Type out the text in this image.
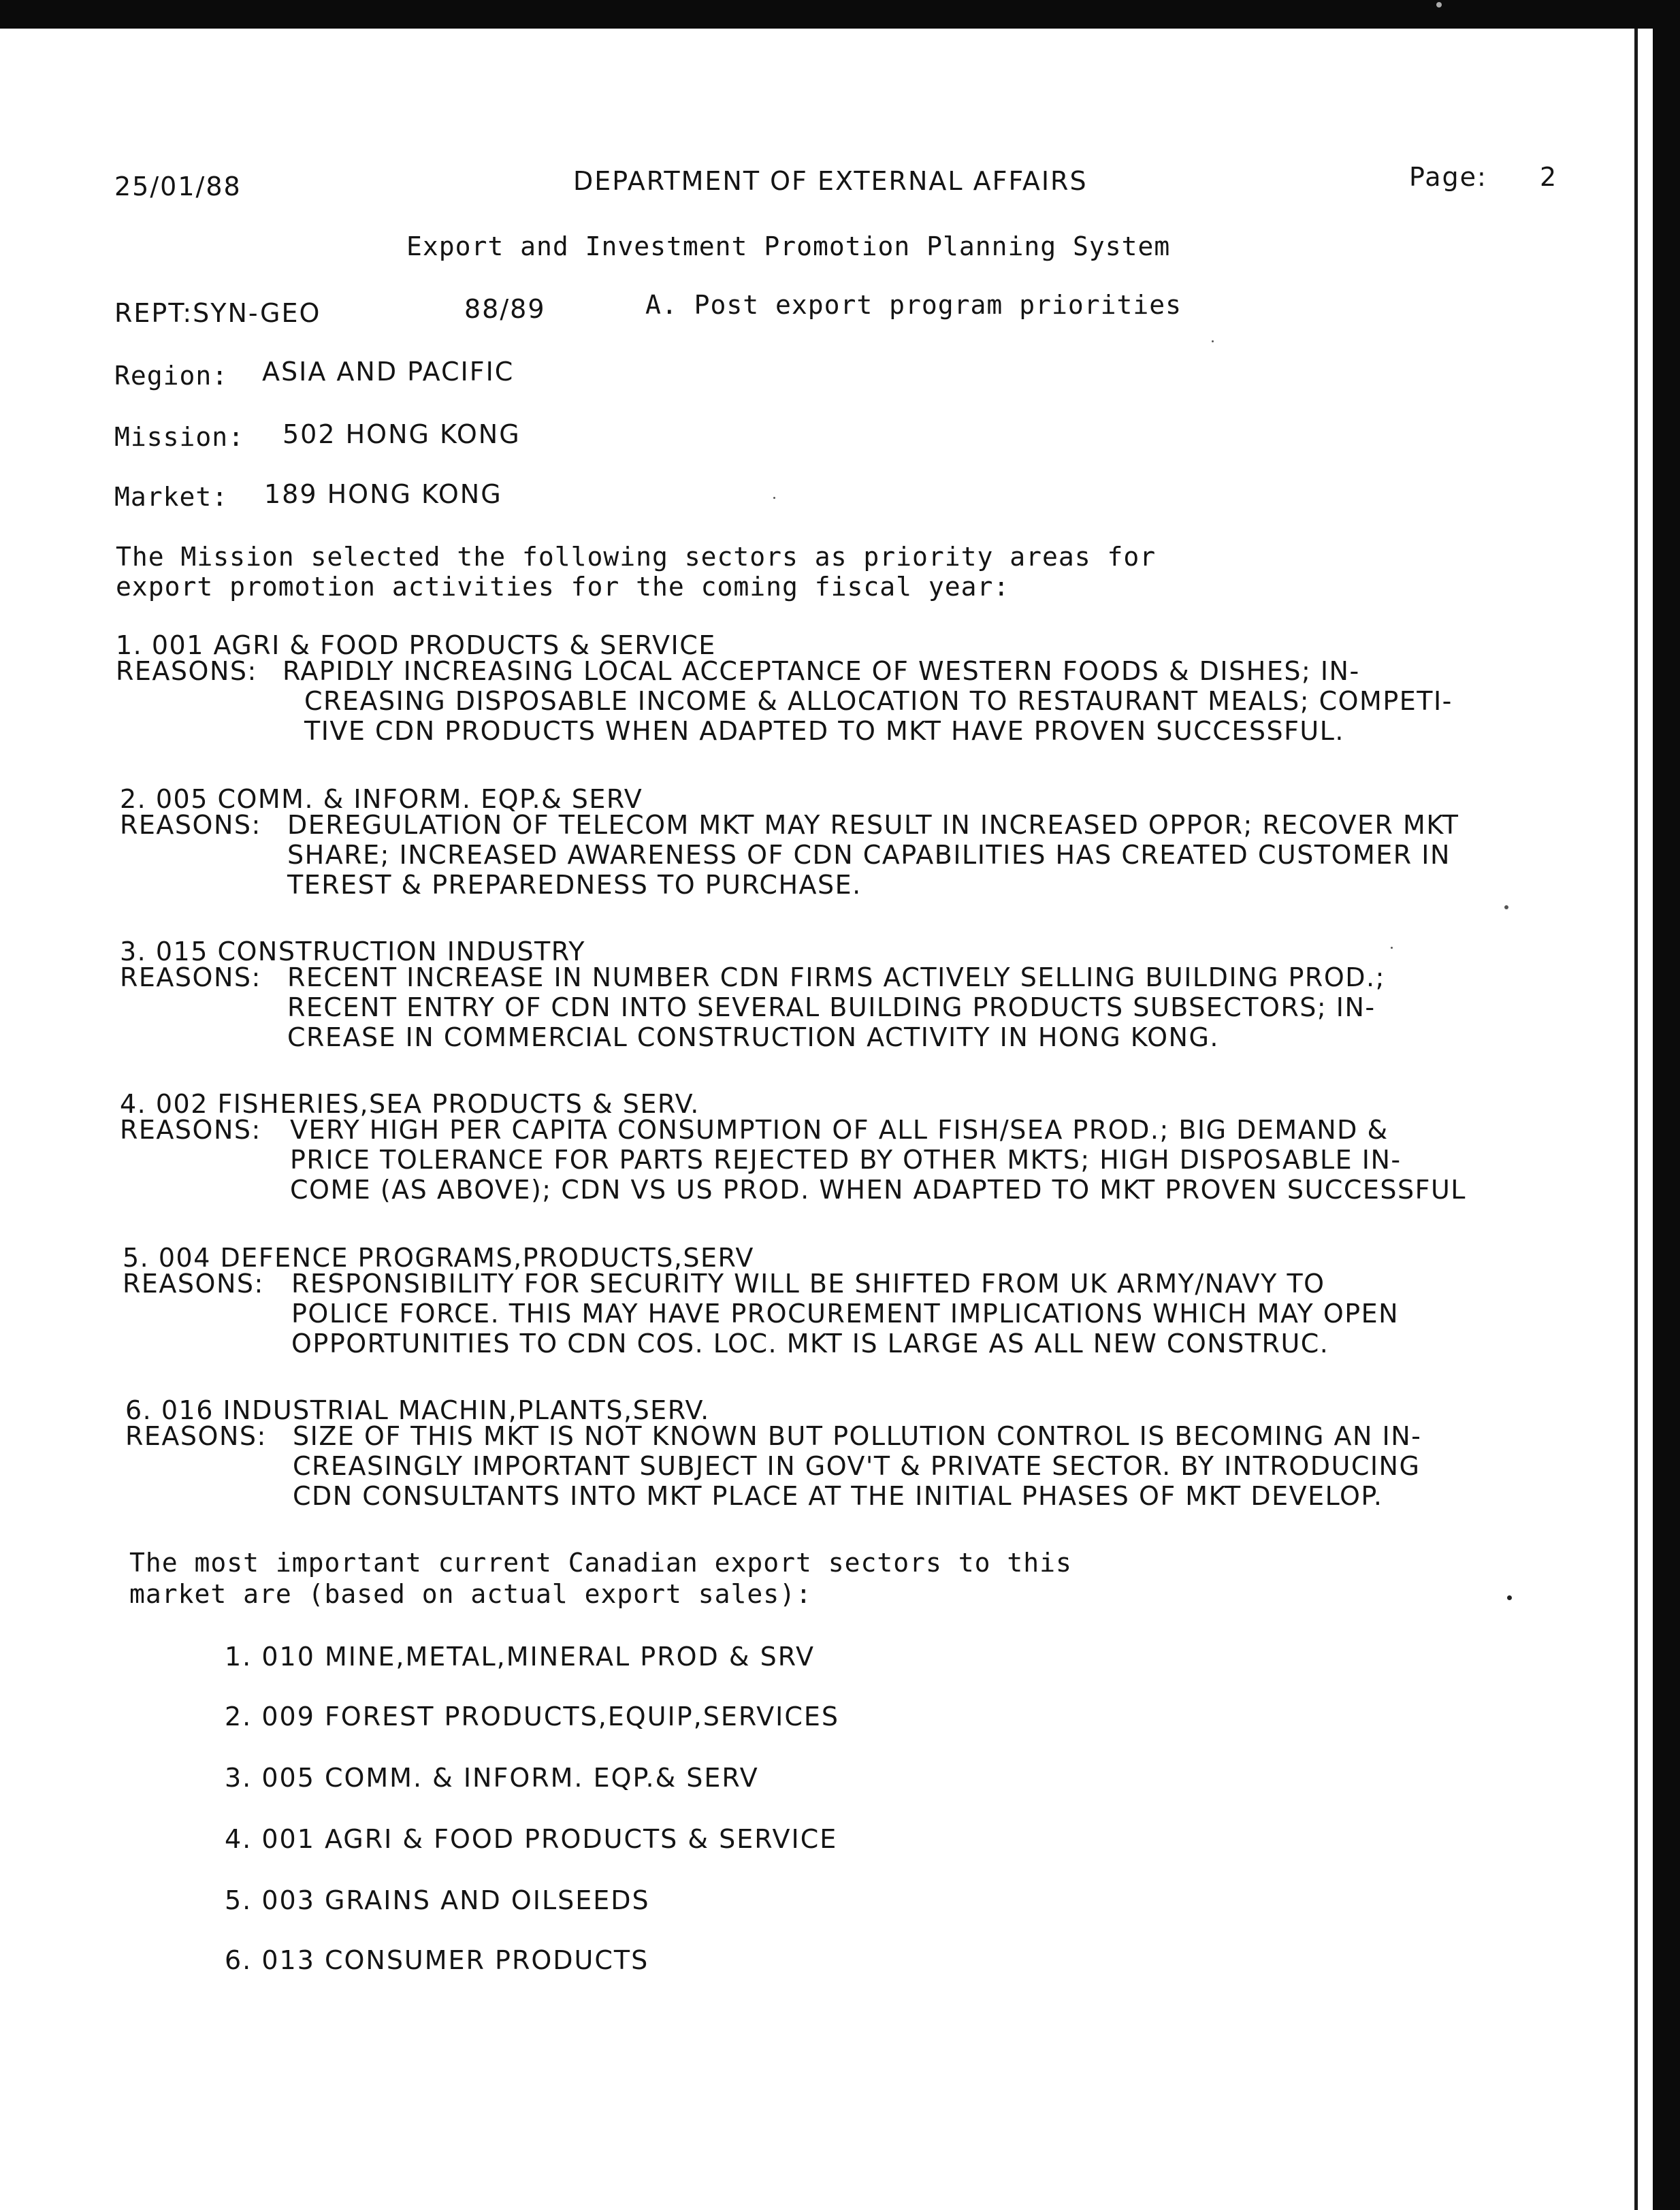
25/01/88	DEPARTMENT OF EXTERNAL AFFAIRS	Page: 2
Export and Investment Promotion Planning System
REPT:SYN-GEO	88/89	A. Post export program priorities
Region: ASIA AND PACIFIC
Mission: 502 HONG KONG
Market: 189 HONG KONG
The Mission selected the following sectors as priority areas for
export promotion activities for the coming fiscal year:
1. 001 AGRI & FOOD PRODUCTS & SERVICE
REASONS: RAPIDLY INCREASING LOCAL ACCEPTANCE OF WESTERN FOODS & DISHES; IN-
CREASING DISPOSABLE INCOME & ALLOCATION TO RESTAURANT MEALS; COMPETI-
TIVE CDN PRODUCTS WHEN ADAPTED TO MKT HAVE PROVEN SUCCESSFUL.
2. 005 COMM. & INFORM. EQP.& SERV
REASONS: DEREGULATION OF TELECOM MKT MAY RESULT IN INCREASED OPPOR; RECOVER MKT
SHARE; INCREASED AWARENESS OF CDN CAPABILITIES HAS CREATED CUSTOMER IN
TEREST & PREPAREDNESS TO PURCHASE.
3. 015 CONSTRUCTION INDUSTRY
REASONS: RECENT INCREASE IN NUMBER CDN FIRMS ACTIVELY SELLING BUILDING PROD.;
RECENT ENTRY OF CDN INTO SEVERAL BUILDING PRODUCTS SUBSECTORS; IN-
CREASE IN COMMERCIAL CONSTRUCTION ACTIVITY IN HONG KONG.
4. 002 FISHERIES,SEA PRODUCTS & SERV.
REASONS: VERY HIGH PER CAPITA CONSUMPTION OF ALL FISH/SEA PROD.; BIG DEMAND &
PRICE TOLERANCE FOR PARTS REJECTED BY OTHER MKTS; HIGH DISPOSABLE IN-
COME (AS ABOVE); CDN VS US PROD. WHEN ADAPTED TO MKT PROVEN SUCCESSFUL
5. 004 DEFENCE PROGRAMS,PRODUCTS,SERV
REASONS: RESPONSIBILITY FOR SECURITY WILL BE SHIFTED FROM UK ARMY/NAVY TO
POLICE FORCE. THIS MAY HAVE PROCUREMENT IMPLICATIONS WHICH MAY OPEN
OPPORTUNITIES TO CDN COS. LOC. MKT IS LARGE AS ALL NEW CONSTRUC.
6. 016 INDUSTRIAL MACHIN,PLANTS,SERV.
REASONS: SIZE OF THIS MKT IS NOT KNOWN BUT POLLUTION CONTROL IS BECOMING AN IN-
CREASINGLY IMPORTANT SUBJECT IN GOV'T & PRIVATE SECTOR. BY INTRODUCING
CDN CONSULTANTS INTO MKT PLACE AT THE INITIAL PHASES OF MKT DEVELOP.
The most important current Canadian export sectors to this
market are (based on actual export sales):
1. 010 MINE,METAL,MINERAL PROD & SRV
2. 009 FOREST PRODUCTS,EQUIP,SERVICES
3. 005 COMM. & INFORM. EQP.& SERV
4. 001 AGRI & FOOD PRODUCTS & SERVICE
5. 003 GRAINS AND OILSEEDS
6. 013 CONSUMER PRODUCTS
